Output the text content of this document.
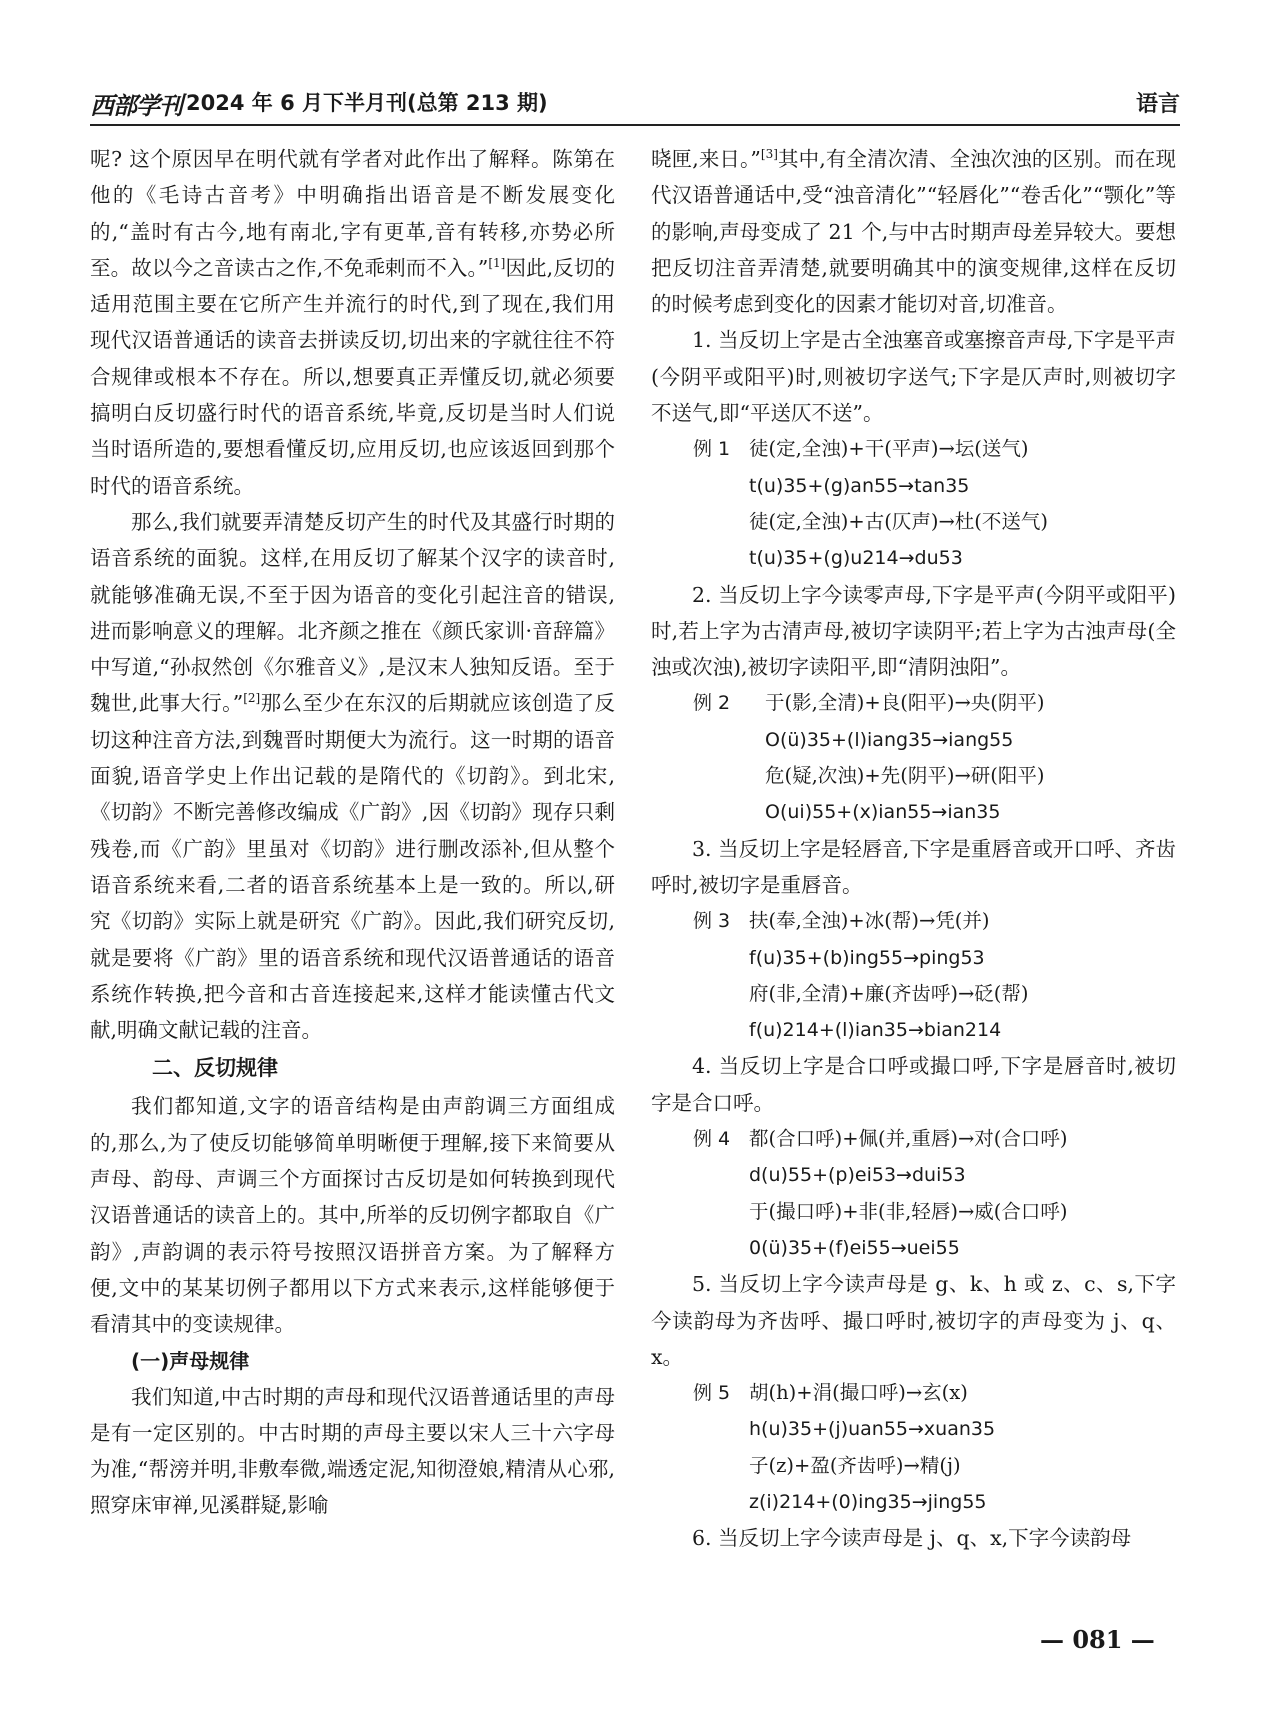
西部学刊 2024 年 6 月下半月刊(总第 213 期)	语言

呢? 这个原因早在明代就有学者对此作出了解释。陈第在他的《毛诗古音考》中明确指出语音是不断发展变化的,“盖时有古今,地有南北,字有更革,音有转移,亦势必所至。故以今之音读古之作,不免乖剌而不入。”[1]因此,反切的适用范围主要在它所产生并流行的时代,到了现在,我们用现代汉语普通话的读音去拼读反切,切出来的字就往往不符合规律或根本不存在。所以,想要真正弄懂反切,就必须要搞明白反切盛行时代的语音系统,毕竟,反切是当时人们说当时语所造的,要想看懂反切,应用反切,也应该返回到那个时代的语音系统。

那么,我们就要弄清楚反切产生的时代及其盛行时期的语音系统的面貌。这样,在用反切了解某个汉字的读音时,就能够准确无误,不至于因为语音的变化引起注音的错误,进而影响意义的理解。北齐颜之推在《颜氏家训·音辞篇》中写道,“孙叔然创《尔雅音义》,是汉末人独知反语。至于魏世,此事大行。”[2]那么至少在东汉的后期就应该创造了反切这种注音方法,到魏晋时期便大为流行。这一时期的语音面貌,语音学史上作出记载的是隋代的《切韵》。到北宋,《切韵》不断完善修改编成《广韵》,因《切韵》现存只剩残卷,而《广韵》里虽对《切韵》进行删改添补,但从整个语音系统来看,二者的语音系统基本上是一致的。所以,研究《切韵》实际上就是研究《广韵》。因此,我们研究反切,就是要将《广韵》里的语音系统和现代汉语普通话的语音系统作转换,把今音和古音连接起来,这样才能读懂古代文献,明确文献记载的注音。

二、反切规律

我们都知道,文字的语音结构是由声韵调三方面组成的,那么,为了使反切能够简单明晰便于理解,接下来简要从声母、韵母、声调三个方面探讨古反切是如何转换到现代汉语普通话的读音上的。其中,所举的反切例字都取自《广韵》,声韵调的表示符号按照汉语拼音方案。为了解释方便,文中的某某切例子都用以下方式来表示,这样能够便于看清其中的变读规律。

(一)声母规律

我们知道,中古时期的声母和现代汉语普通话里的声母是有一定区别的。中古时期的声母主要以宋人三十六字母为准,“帮滂并明,非敷奉微,端透定泥,知彻澄娘,精清从心邪,照穿床审禅,见溪群疑,影喻

晓匣,来日。”[3]其中,有全清次清、全浊次浊的区别。而在现代汉语普通话中,受“浊音清化”“轻唇化”“卷舌化”“颚化”等的影响,声母变成了 21 个,与中古时期声母差异较大。要想把反切注音弄清楚,就要明确其中的演变规律,这样在反切的时候考虑到变化的因素才能切对音,切准音。

1. 当反切上字是古全浊塞音或塞擦音声母,下字是平声(今阴平或阳平)时,则被切字送气;下字是仄声时,则被切字不送气,即“平送仄不送”。

例 1 徒(定,全浊)+干(平声)→坛(送气)
t(u)35+(g)an55→tan35
徒(定,全浊)+古(仄声)→杜(不送气)
t(u)35+(g)u214→du53

2. 当反切上字今读零声母,下字是平声(今阴平或阳平)时,若上字为古清声母,被切字读阴平;若上字为古浊声母(全浊或次浊),被切字读阳平,即“清阴浊阳”。

例 2 于(影,全清)+良(阳平)→央(阴平)
O(ü)35+(l)iang35→iang55
危(疑,次浊)+先(阴平)→研(阳平)
O(ui)55+(x)ian55→ian35

3. 当反切上字是轻唇音,下字是重唇音或开口呼、齐齿呼时,被切字是重唇音。

例 3 扶(奉,全浊)+冰(帮)→凭(并)
f(u)35+(b)ing55→ping53
府(非,全清)+廉(齐齿呼)→砭(帮)
f(u)214+(l)ian35→bian214

4. 当反切上字是合口呼或撮口呼,下字是唇音时,被切字是合口呼。

例 4 都(合口呼)+佩(并,重唇)→对(合口呼)
d(u)55+(p)ei53→dui53
于(撮口呼)+非(非,轻唇)→威(合口呼)
0(ü)35+(f)ei55→uei55

5. 当反切上字今读声母是 g、k、h 或 z、c、s,下字今读韵母为齐齿呼、撮口呼时,被切字的声母变为 j、q、x。

例 5 胡(h)+涓(撮口呼)→玄(x)
h(u)35+(j)uan55→xuan35
子(z)+盈(齐齿呼)→精(j)
z(i)214+(0)ing35→jing55

6. 当反切上字今读声母是 j、q、x,下字今读韵母

— 081 —
